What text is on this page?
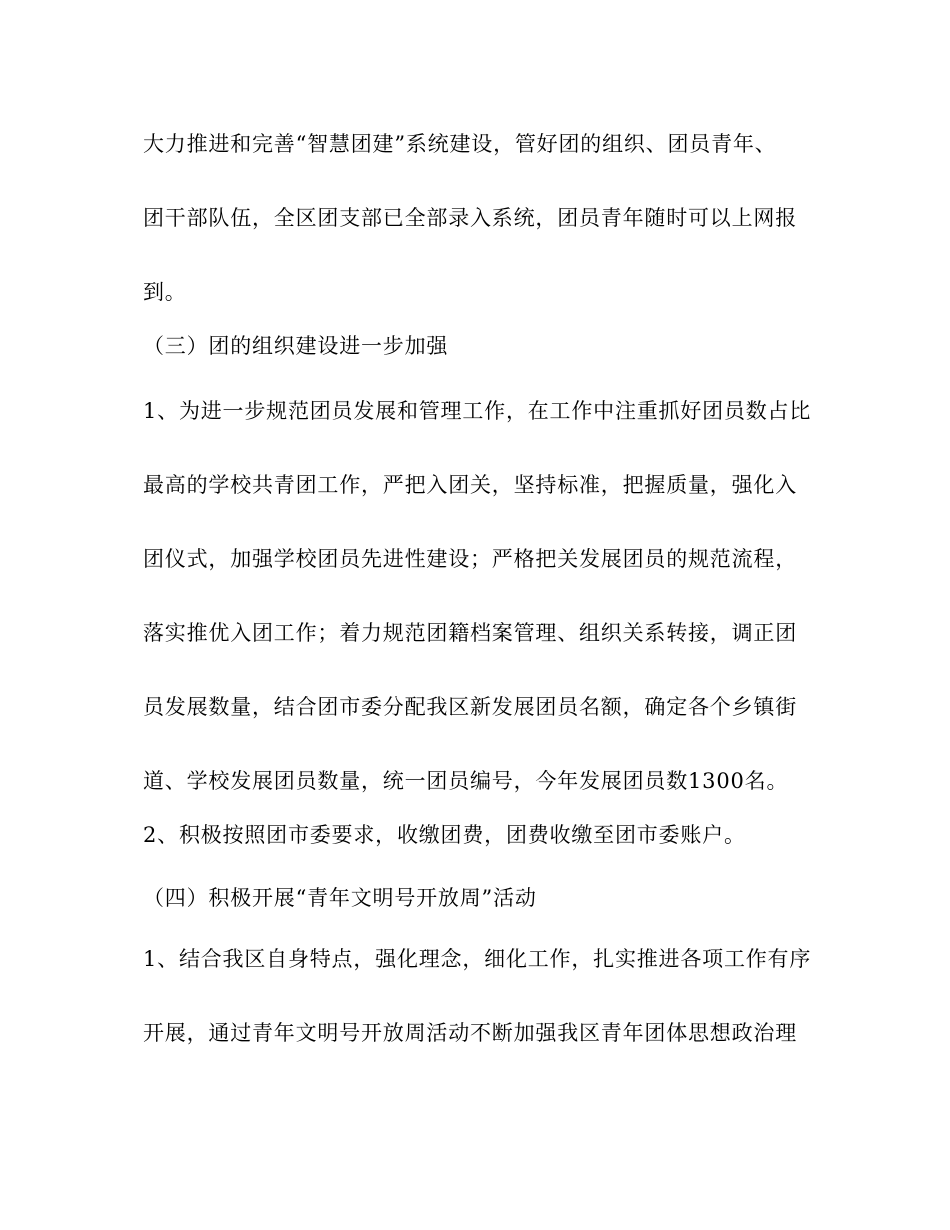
大力推进和完善“智慧团建”系统建设，管好团的组织、团员青年、
团干部队伍，全区团支部已全部录入系统，团员青年随时可以上网报
到。
（三）团的组织建设进一步加强
1、为进一步规范团员发展和管理工作，在工作中注重抓好团员数占比
最高的学校共青团工作，严把入团关，坚持标准，把握质量，强化入
团仪式，加强学校团员先进性建设；严格把关发展团员的规范流程，
落实推优入团工作；着力规范团籍档案管理、组织关系转接，调正团
员发展数量，结合团市委分配我区新发展团员名额，确定各个乡镇街
道、学校发展团员数量，统一团员编号，今年发展团员数1300名。
2、积极按照团市委要求，收缴团费，团费收缴至团市委账户。
（四）积极开展“青年文明号开放周”活动
1、结合我区自身特点，强化理念，细化工作，扎实推进各项工作有序
开展，通过青年文明号开放周活动不断加强我区青年团体思想政治理
